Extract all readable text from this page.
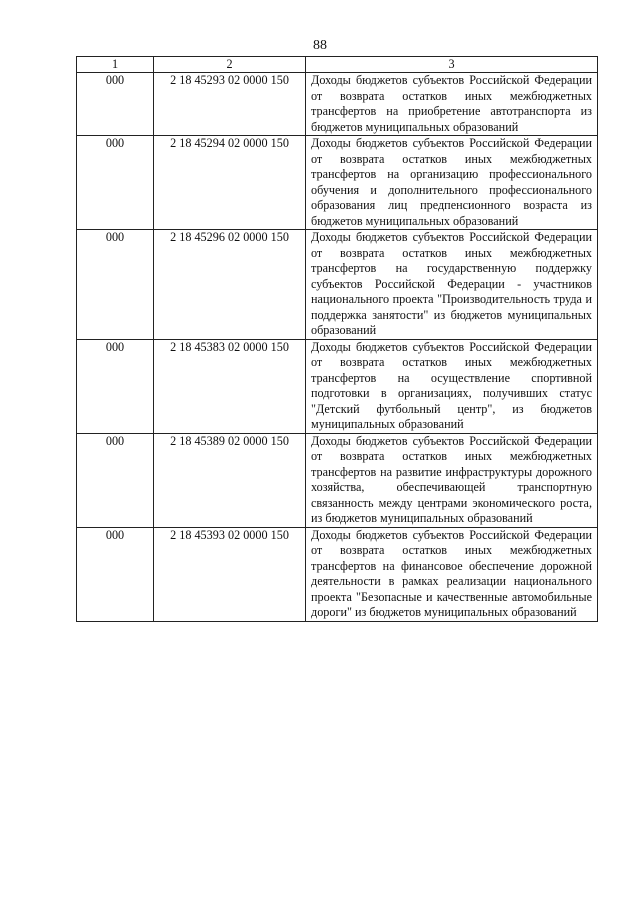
88
1	2	3
000	2 18 45293 02 0000 150	Доходы бюджетов субъектов Российской Федерации от возврата остатков иных межбюджетных трансфертов на приобретение автотранспорта из бюджетов муниципальных образований
000	2 18 45294 02 0000 150	Доходы бюджетов субъектов Российской Федерации от возврата остатков иных межбюджетных трансфертов на организацию профессионального обучения и дополнительного профессионального образования лиц предпенсионного возраста из бюджетов муниципальных образований
000	2 18 45296 02 0000 150	Доходы бюджетов субъектов Российской Федерации от возврата остатков иных межбюджетных трансфертов на государственную поддержку субъектов Российской Федерации - участников национального проекта "Производительность труда и поддержка занятости" из бюджетов муниципальных образований
000	2 18 45383 02 0000 150	Доходы бюджетов субъектов Российской Федерации от возврата остатков иных межбюджетных трансфертов на осуществление спортивной подготовки в организациях, получивших статус "Детский футбольный центр", из бюджетов муниципальных образований
000	2 18 45389 02 0000 150	Доходы бюджетов субъектов Российской Федерации от возврата остатков иных межбюджетных трансфертов на развитие инфраструктуры дорожного хозяйства, обеспечивающей транспортную связанность между центрами экономического роста, из бюджетов муниципальных образований
000	2 18 45393 02 0000 150	Доходы бюджетов субъектов Российской Федерации от возврата остатков иных межбюджетных трансфертов на финансовое обеспечение дорожной деятельности в рамках реализации национального проекта "Безопасные и качественные автомобильные дороги" из бюджетов муниципальных образований
